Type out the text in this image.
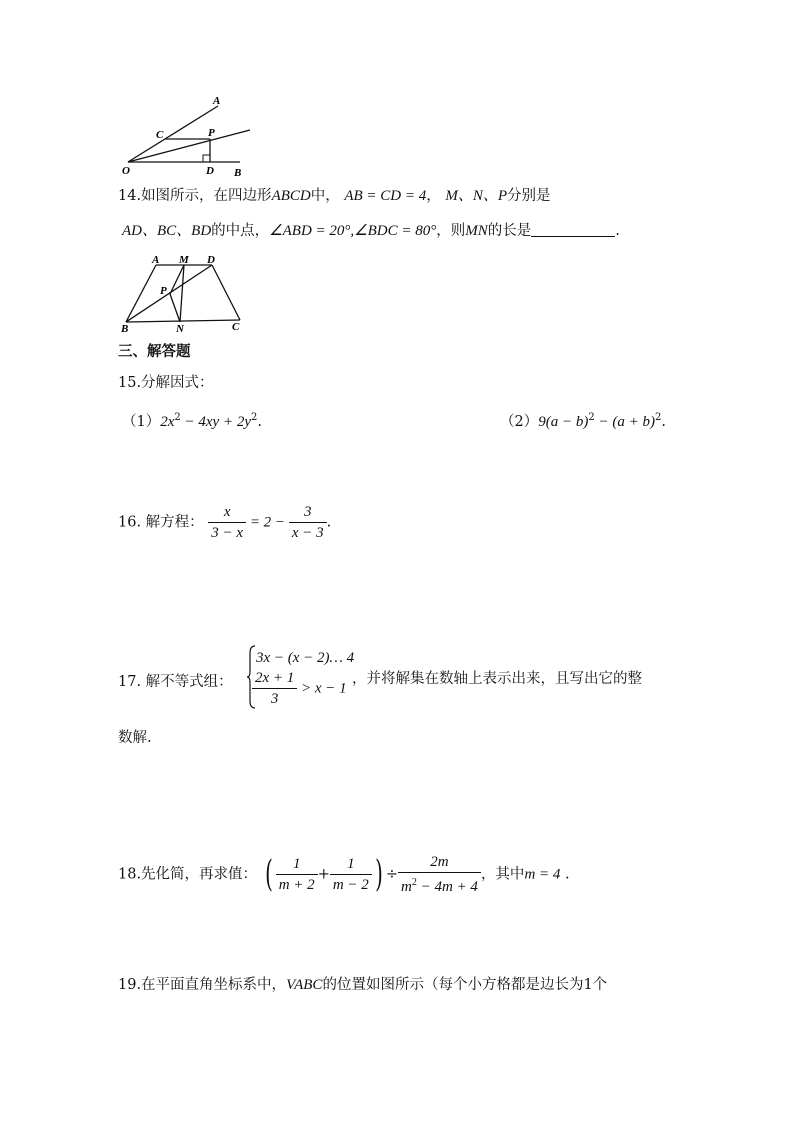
A
C	P
O	D B
14.如图所示，在四边形ABCD中， AB = CD = 4， M、N、P分别是
AD、BC、BD的中点，∠ABD = 20°,∠BDC = 80°，则MN的长是	.
A M D
P
B	N	C
三、解答题
15.分解因式：
$(1)2x^2 - 4xy + 2y^2$.	$(2)9(a - b)^2 - (a + b)^2$.
16. 解方程： $\frac{x}{3 - x} = 2 - \frac{3}{x - 3}$ .
17. 解不等式组：
3x − (x − 2)… 4
$\frac{2x + 1}{3} > x - 1$
，并将解集在数轴上表示出来，且写出它的整
数解.
18.先化简，再求值： ( $\frac{1}{m + 2} + \frac{1}{m - 2}$ ) ÷ $\frac{2m}{m^2 - 4m + 4}$ ，其中m = 4 .
19.在平面直角坐标系中，VABC的位置如图所示（每个小方格都是边长为1个
